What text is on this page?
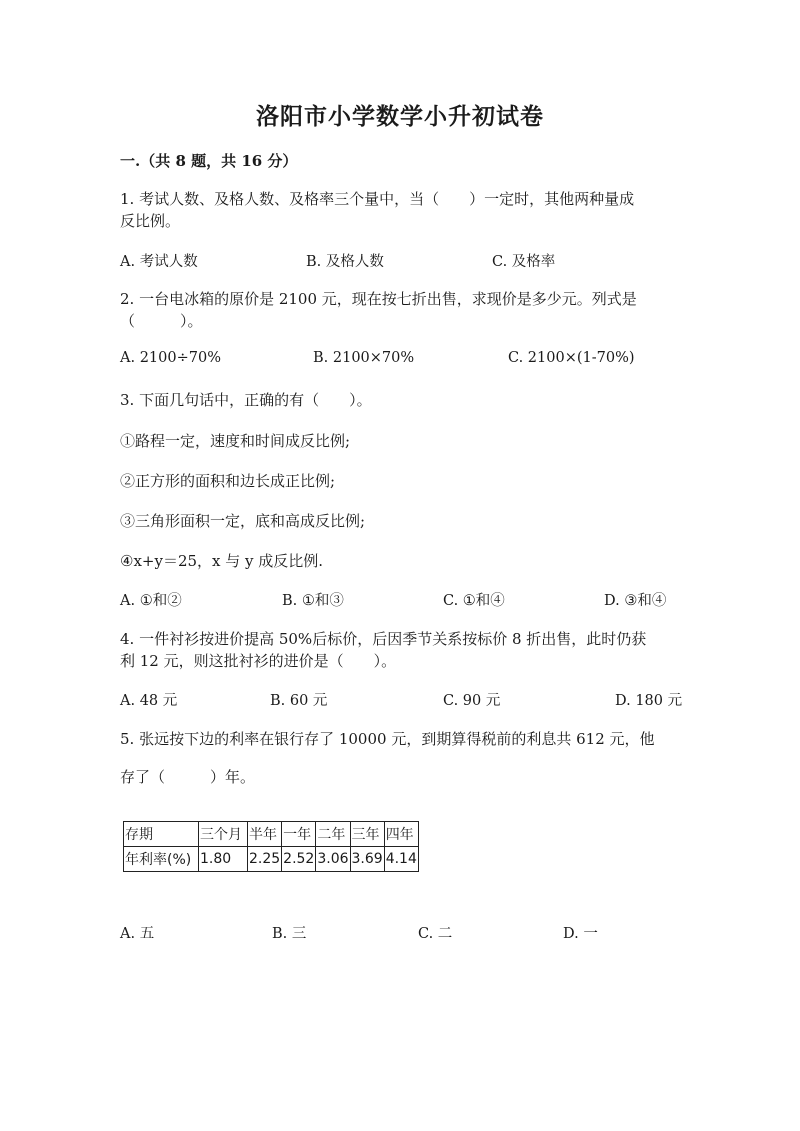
洛阳市小学数学小升初试卷
一.（共 8 题，共 16 分）
1. 考试人数、及格人数、及格率三个量中，当（　　）一定时，其他两种量成
反比例。
A. 考试人数	B. 及格人数	C. 及格率
2. 一台电冰箱的原价是 2100 元，现在按七折出售，求现价是多少元。列式是
（　　　）。
A. 2100÷70%	B. 2100×70%	C. 2100×(1-70%)
3. 下面几句话中，正确的有（　　）。
①路程一定，速度和时间成反比例;
②正方形的面积和边长成正比例;
③三角形面积一定，底和高成反比例;
④x+y＝25，x 与 y 成反比例.
A. ①和②	B. ①和③	C. ①和④	D. ③和④
4. 一件衬衫按进价提高 50%后标价，后因季节关系按标价 8 折出售，此时仍获
利 12 元，则这批衬衫的进价是（　　）。
A. 48 元	B. 60 元	C. 90 元	D. 180 元
5. 张远按下边的利率在银行存了 10000 元，到期算得税前的利息共 612 元，他
存了（　　　）年。
存期	三个月	半年	一年	二年	三年	四年
年利率(%)	1.80	2.25	2.52	3.06	3.69	4.14
A. 五	B. 三	C. 二	D. 一
